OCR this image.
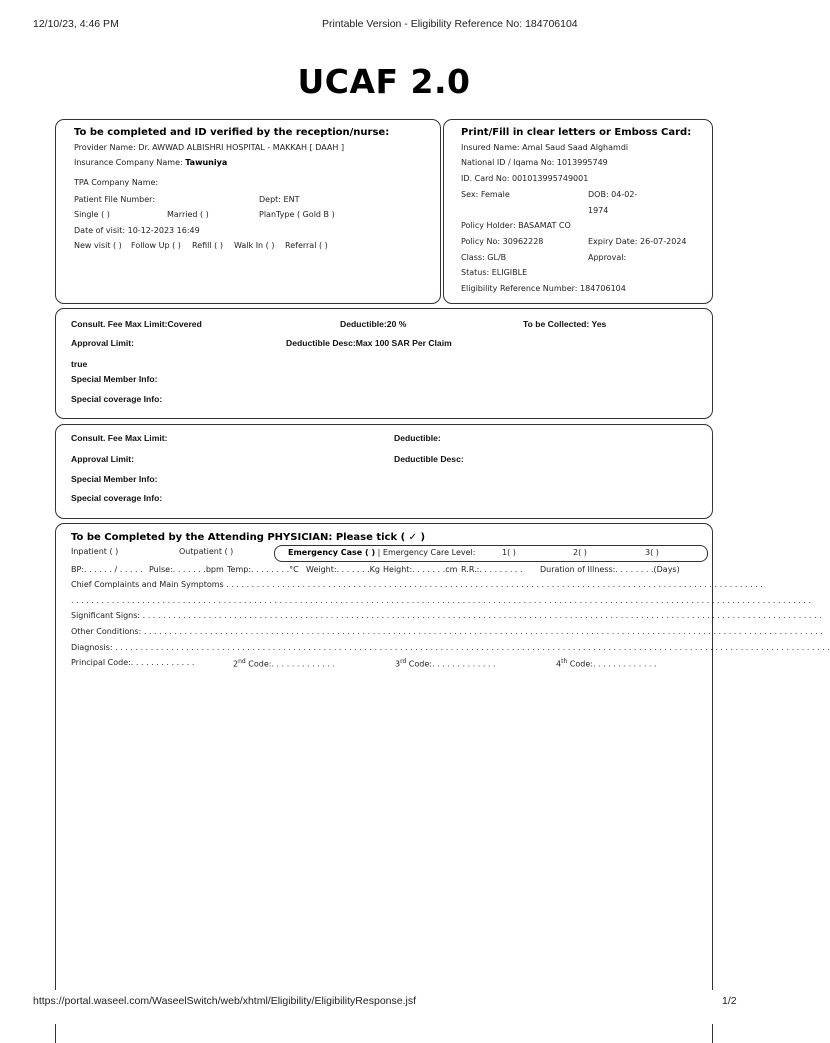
12/10/23, 4:46 PM	Printable Version - Eligibility Reference No: 184706104
UCAF 2.0
To be completed and ID verified by the reception/nurse:
Provider Name: Dr. AWWAD ALBISHRI HOSPITAL - MAKKAH [ DAAH ]
Insurance Company Name: Tawuniya
TPA Company Name:
Patient File Number:	Dept: ENT
Single ( )	Married ( )	PlanType ( Gold B )
Date of visit: 10-12-2023 16:49
New visit ( ) Follow Up ( ) Refill ( ) Walk In ( ) Referral ( )
Print/Fill in clear letters or Emboss Card:
Insured Name: Amal Saud Saad Alghamdi
National ID / Iqama No: 1013995749
ID. Card No: 001013995749001
Sex: Female	DOB: 04-02-
1974
Policy Holder: BASAMAT CO
Policy No: 30962228	Expiry Date: 26-07-2024
Class: GL/B	Approval:
Status: ELIGIBLE
Eligibility Reference Number: 184706104
Consult. Fee Max Limit:Covered	Deductible:20 %	To be Collected: Yes
Approval Limit:	Deductible Desc:Max 100 SAR Per Claim
true
Special Member Info:
Special coverage Info:
Consult. Fee Max Limit:	Deductible:
Approval Limit:	Deductible Desc:
Special Member Info:
Special coverage Info:
To be Completed by the Attending PHYSICIAN: Please tick ( ✓ )
Inpatient ( )	Outpatient ( )	Emergency Case ( ) | Emergency Care Level:	1( )	2( )	3( )
BP:. . . . . . / . . . . . Pulse:. . . . . . .bpm Temp:. . . . . . . .°C Weight:. . . . . . .Kg Height:. . . . . . .cm R.R.:. . . . . . . . . Duration of Illness:. . . . . . . .(Days)
Chief Complaints and Main Symptoms . . . . . . . . . . . . . . . . . . . . . . . . . . . . . . . . . . . . . . . . . . . . . . . . . . . . . . . . . . . . . . . . . . . . . . . . . . . . . . . . . . . . . . . . . . . . . . . . . . . . . . . . . .
. . . . . . . . . . . . . . . . . . . . . . . . . . . . . . . . . . . . . . . . . . . . . . . . . . . . . . . . . . . . . . . . . . . . . . . . . . . . . . . . . . . . . . . . . . . . . . . . . . . . . . . . . . . . . . . . . . . . . . . . . . . . . . . . . . . . . . . . . . . . . . . . . .
Significant Signs: . . . . . . . . . . . . . . . . . . . . . . . . . . . . . . . . . . . . . . . . . . . . . . . . . . . . . . . . . . . . . . . . . . . . . . . . . . . . . . . . . . . . . . . . . . . . . . . . . . . . . . . . . . . . . . . . . . . . . . . . . . . . . . . . . . . . . .
Other Conditions: . . . . . . . . . . . . . . . . . . . . . . . . . . . . . . . . . . . . . . . . . . . . . . . . . . . . . . . . . . . . . . . . . . . . . . . . . . . . . . . . . . . . . . . . . . . . . . . . . . . . . . . . . . . . . . . . . . . . . . . . . . . . . . . . . . . . . .
Diagnosis: . . . . . . . . . . . . . . . . . . . . . . . . . . . . . . . . . . . . . . . . . . . . . . . . . . . . . . . . . . . . . . . . . . . . . . . . . . . . . . . . . . . . . . . . . . . . . . . . . . . . . . . . . . . . . . . . . . . . . . . . . . . . . . . . . . . . . . . . . . . . .
Principal Code:. . . . . . . . . . . . .	2nd Code:. . . . . . . . . . . . .	3rd Code:. . . . . . . . . . . . .	4th Code:. . . . . . . . . . . . .
https://portal.waseel.com/WaseelSwitch/web/xhtml/Eligibility/EligibilityResponse.jsf	1/2
